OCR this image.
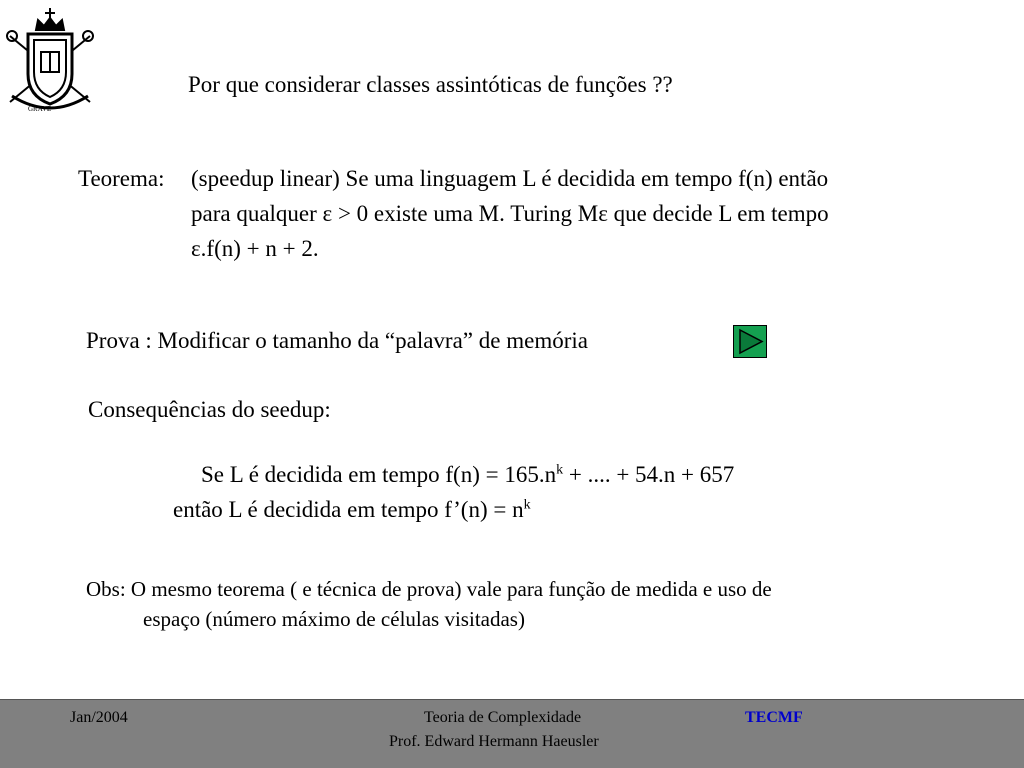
GRAVE
Por que considerar classes assintóticas de funções ??
Teorema: (speedup linear) Se uma linguagem L é decidida em tempo f(n) então
para qualquer ε > 0 existe uma M. Turing Mε que decide L em tempo
ε.f(n) + n + 2.
Prova : Modificar o tamanho da “palavra” de memória
Consequências do seedup:
Se L é decidida em tempo $f(n) = 165.n^k$ + .... + 54.n + 657
então L é decidida em tempo f’(n) = $n^k$
Obs: O mesmo teorema ( e técnica de prova) vale para função de medida e uso de
espaço (número máximo de células visitadas)
Jan/2004	Teoria de Complexidade
Prof. Edward Hermann Haeusler
TECMF
